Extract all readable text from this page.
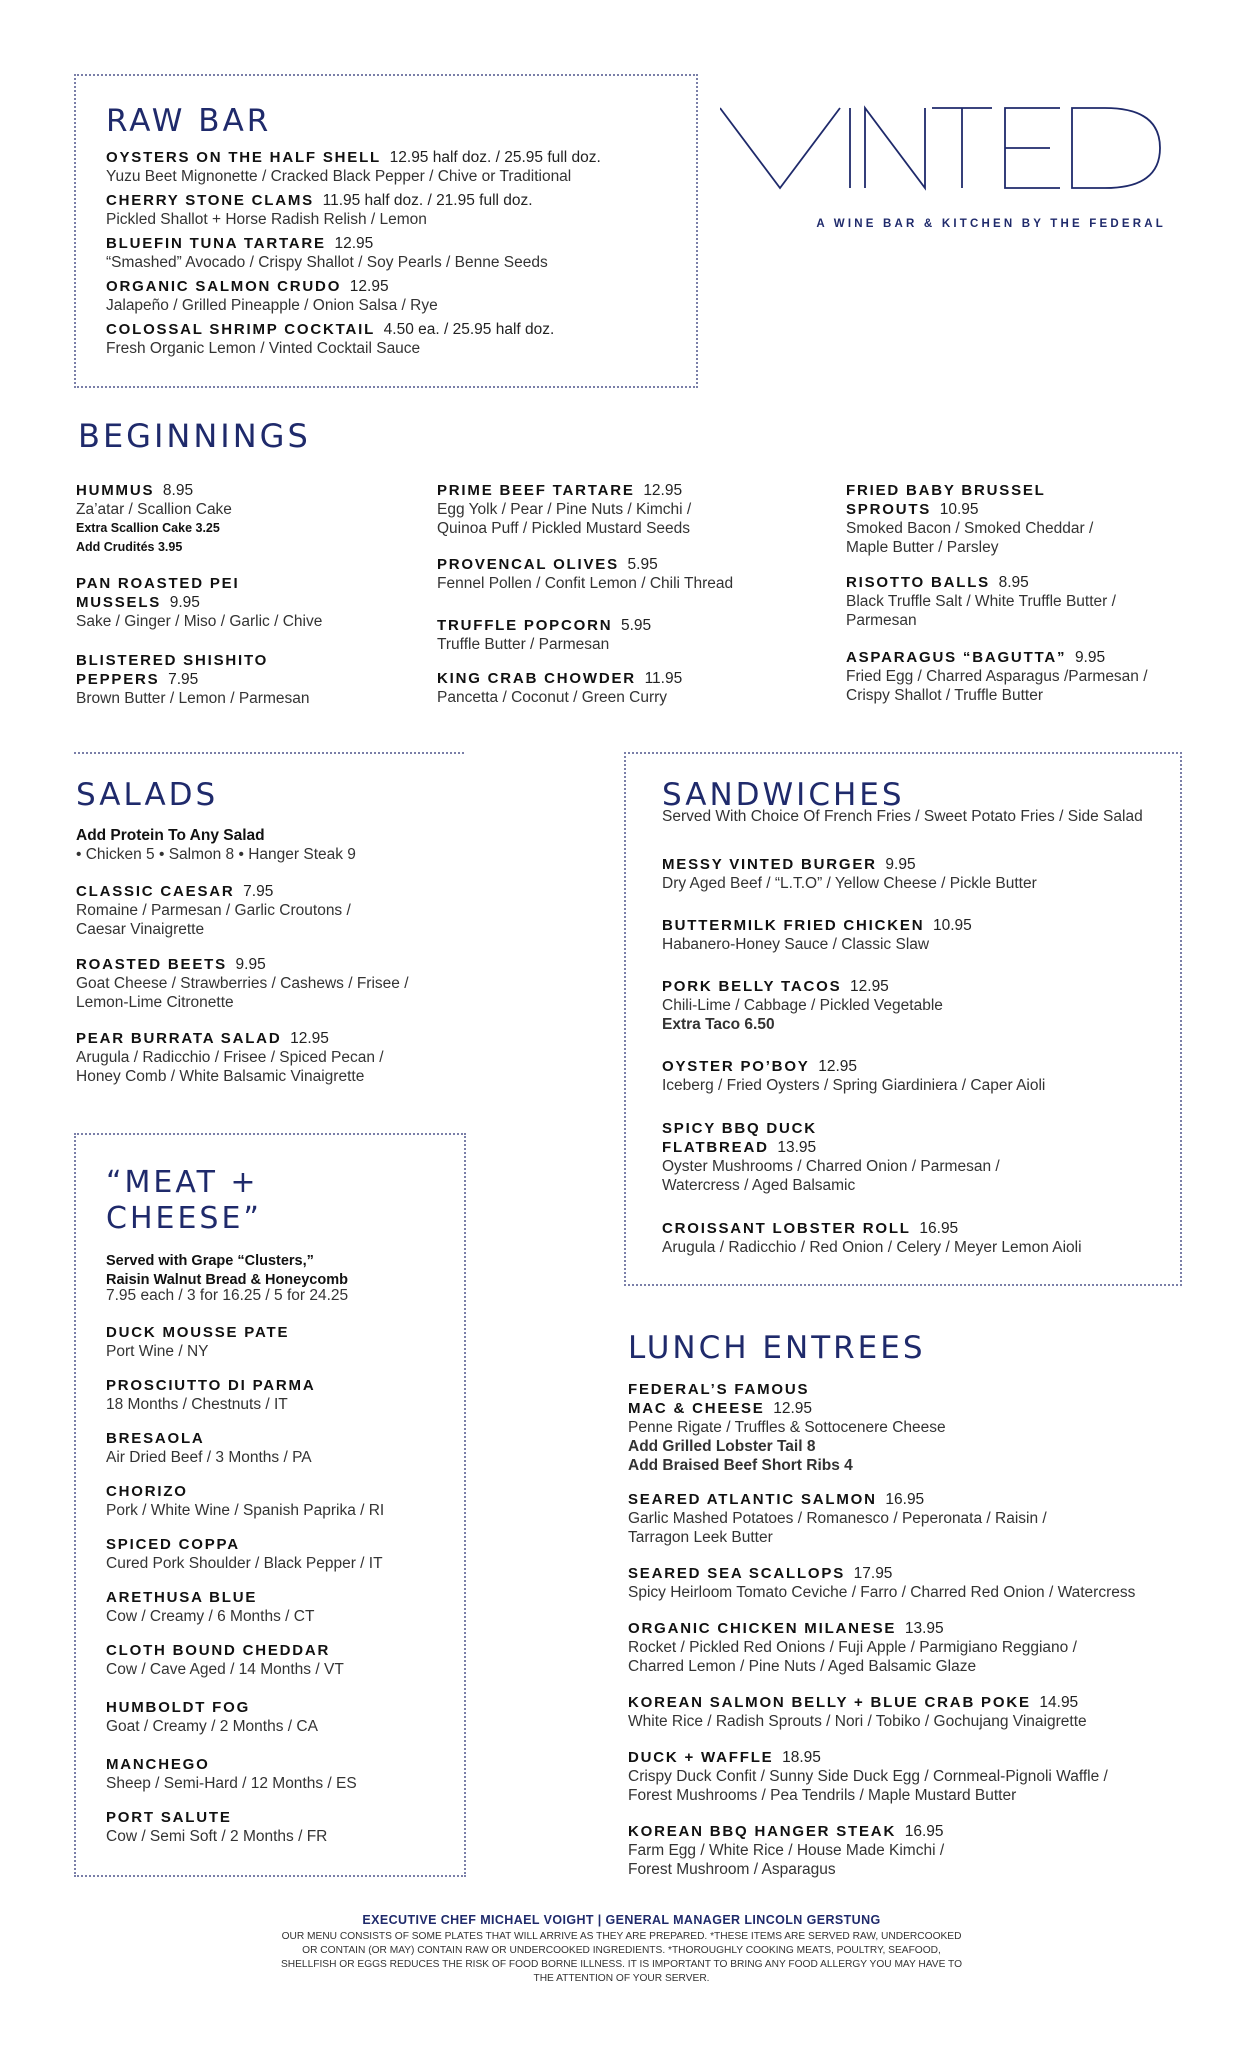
RAW BAR
OYSTERS ON THE HALF SHELL 12.95 half doz. / 25.95 full doz.
Yuzu Beet Mignonette / Cracked Black Pepper / Chive or Traditional
CHERRY STONE CLAMS 11.95 half doz. / 21.95 full doz.
Pickled Shallot + Horse Radish Relish / Lemon
BLUEFIN TUNA TARTARE 12.95
“Smashed” Avocado / Crispy Shallot / Soy Pearls / Benne Seeds
ORGANIC SALMON CRUDO 12.95
Jalapeño / Grilled Pineapple / Onion Salsa / Rye
COLOSSAL SHRIMP COCKTAIL 4.50 ea. / 25.95 half doz.
Fresh Organic Lemon / Vinted Cocktail Sauce
A WINE BAR & KITCHEN BY THE FEDERAL
BEGINNINGS
HUMMUS 8.95
Za’atar / Scallion Cake
Extra Scallion Cake 3.25
Add Crudités 3.95
PAN ROASTED PEI
MUSSELS 9.95
Sake / Ginger / Miso / Garlic / Chive
BLISTERED SHISHITO
PEPPERS 7.95
Brown Butter / Lemon / Parmesan
PRIME BEEF TARTARE 12.95
Egg Yolk / Pear / Pine Nuts / Kimchi /
Quinoa Puff / Pickled Mustard Seeds
PROVENCAL OLIVES 5.95
Fennel Pollen / Confit Lemon / Chili Thread
TRUFFLE POPCORN 5.95
Truffle Butter / Parmesan
KING CRAB CHOWDER 11.95
Pancetta / Coconut / Green Curry
FRIED BABY BRUSSEL
SPROUTS 10.95
Smoked Bacon / Smoked Cheddar /
Maple Butter / Parsley
RISOTTO BALLS 8.95
Black Truffle Salt / White Truffle Butter /
Parmesan
ASPARAGUS “BAGUTTA” 9.95
Fried Egg / Charred Asparagus /Parmesan /
Crispy Shallot / Truffle Butter
SALADS
Add Protein To Any Salad
• Chicken 5 • Salmon 8 • Hanger Steak 9
CLASSIC CAESAR 7.95
Romaine / Parmesan / Garlic Croutons /
Caesar Vinaigrette
ROASTED BEETS 9.95
Goat Cheese / Strawberries / Cashews / Frisee /
Lemon-Lime Citronette
PEAR BURRATA SALAD 12.95
Arugula / Radicchio / Frisee / Spiced Pecan /
Honey Comb / White Balsamic Vinaigrette
SANDWICHES
Served With Choice Of French Fries / Sweet Potato Fries / Side Salad
MESSY VINTED BURGER 9.95
Dry Aged Beef / “L.T.O” / Yellow Cheese / Pickle Butter
BUTTERMILK FRIED CHICKEN 10.95
Habanero-Honey Sauce / Classic Slaw
PORK BELLY TACOS 12.95
Chili-Lime / Cabbage / Pickled Vegetable
Extra Taco 6.50
OYSTER PO’BOY 12.95
Iceberg / Fried Oysters / Spring Giardiniera / Caper Aioli
SPICY BBQ DUCK
FLATBREAD 13.95
Oyster Mushrooms / Charred Onion / Parmesan /
Watercress / Aged Balsamic
CROISSANT LOBSTER ROLL 16.95
Arugula / Radicchio / Red Onion / Celery / Meyer Lemon Aioli
“MEAT +
CHEESE”
Served with Grape “Clusters,”
Raisin Walnut Bread & Honeycomb
7.95 each / 3 for 16.25 / 5 for 24.25
DUCK MOUSSE PATE
Port Wine / NY
PROSCIUTTO DI PARMA
18 Months / Chestnuts / IT
BRESAOLA
Air Dried Beef / 3 Months / PA
CHORIZO
Pork / White Wine / Spanish Paprika / RI
SPICED COPPA
Cured Pork Shoulder / Black Pepper / IT
ARETHUSA BLUE
Cow / Creamy / 6 Months / CT
CLOTH BOUND CHEDDAR
Cow / Cave Aged / 14 Months / VT
HUMBOLDT FOG
Goat / Creamy / 2 Months / CA
MANCHEGO
Sheep / Semi-Hard / 12 Months / ES
PORT SALUTE
Cow / Semi Soft / 2 Months / FR
LUNCH ENTREES
FEDERAL’S FAMOUS
MAC & CHEESE 12.95
Penne Rigate / Truffles & Sottocenere Cheese
Add Grilled Lobster Tail 8
Add Braised Beef Short Ribs 4
SEARED ATLANTIC SALMON 16.95
Garlic Mashed Potatoes / Romanesco / Peperonata / Raisin /
Tarragon Leek Butter
SEARED SEA SCALLOPS 17.95
Spicy Heirloom Tomato Ceviche / Farro / Charred Red Onion / Watercress
ORGANIC CHICKEN MILANESE 13.95
Rocket / Pickled Red Onions / Fuji Apple / Parmigiano Reggiano /
Charred Lemon / Pine Nuts / Aged Balsamic Glaze
KOREAN SALMON BELLY + BLUE CRAB POKE 14.95
White Rice / Radish Sprouts / Nori / Tobiko / Gochujang Vinaigrette
DUCK + WAFFLE 18.95
Crispy Duck Confit / Sunny Side Duck Egg / Cornmeal-Pignoli Waffle /
Forest Mushrooms / Pea Tendrils / Maple Mustard Butter
KOREAN BBQ HANGER STEAK 16.95
Farm Egg / White Rice / House Made Kimchi /
Forest Mushroom / Asparagus
EXECUTIVE CHEF MICHAEL VOIGHT | GENERAL MANAGER LINCOLN GERSTUNG
OUR MENU CONSISTS OF SOME PLATES THAT WILL ARRIVE AS THEY ARE PREPARED. *THESE ITEMS ARE SERVED RAW, UNDERCOOKED OR CONTAIN (OR MAY) CONTAIN RAW OR UNDERCOOKED INGREDIENTS. *THOROUGHLY COOKING MEATS, POULTRY, SEAFOOD, SHELLFISH OR EGGS REDUCES THE RISK OF FOOD BORNE ILLNESS. IT IS IMPORTANT TO BRING ANY FOOD ALLERGY YOU MAY HAVE TO THE ATTENTION OF YOUR SERVER.
